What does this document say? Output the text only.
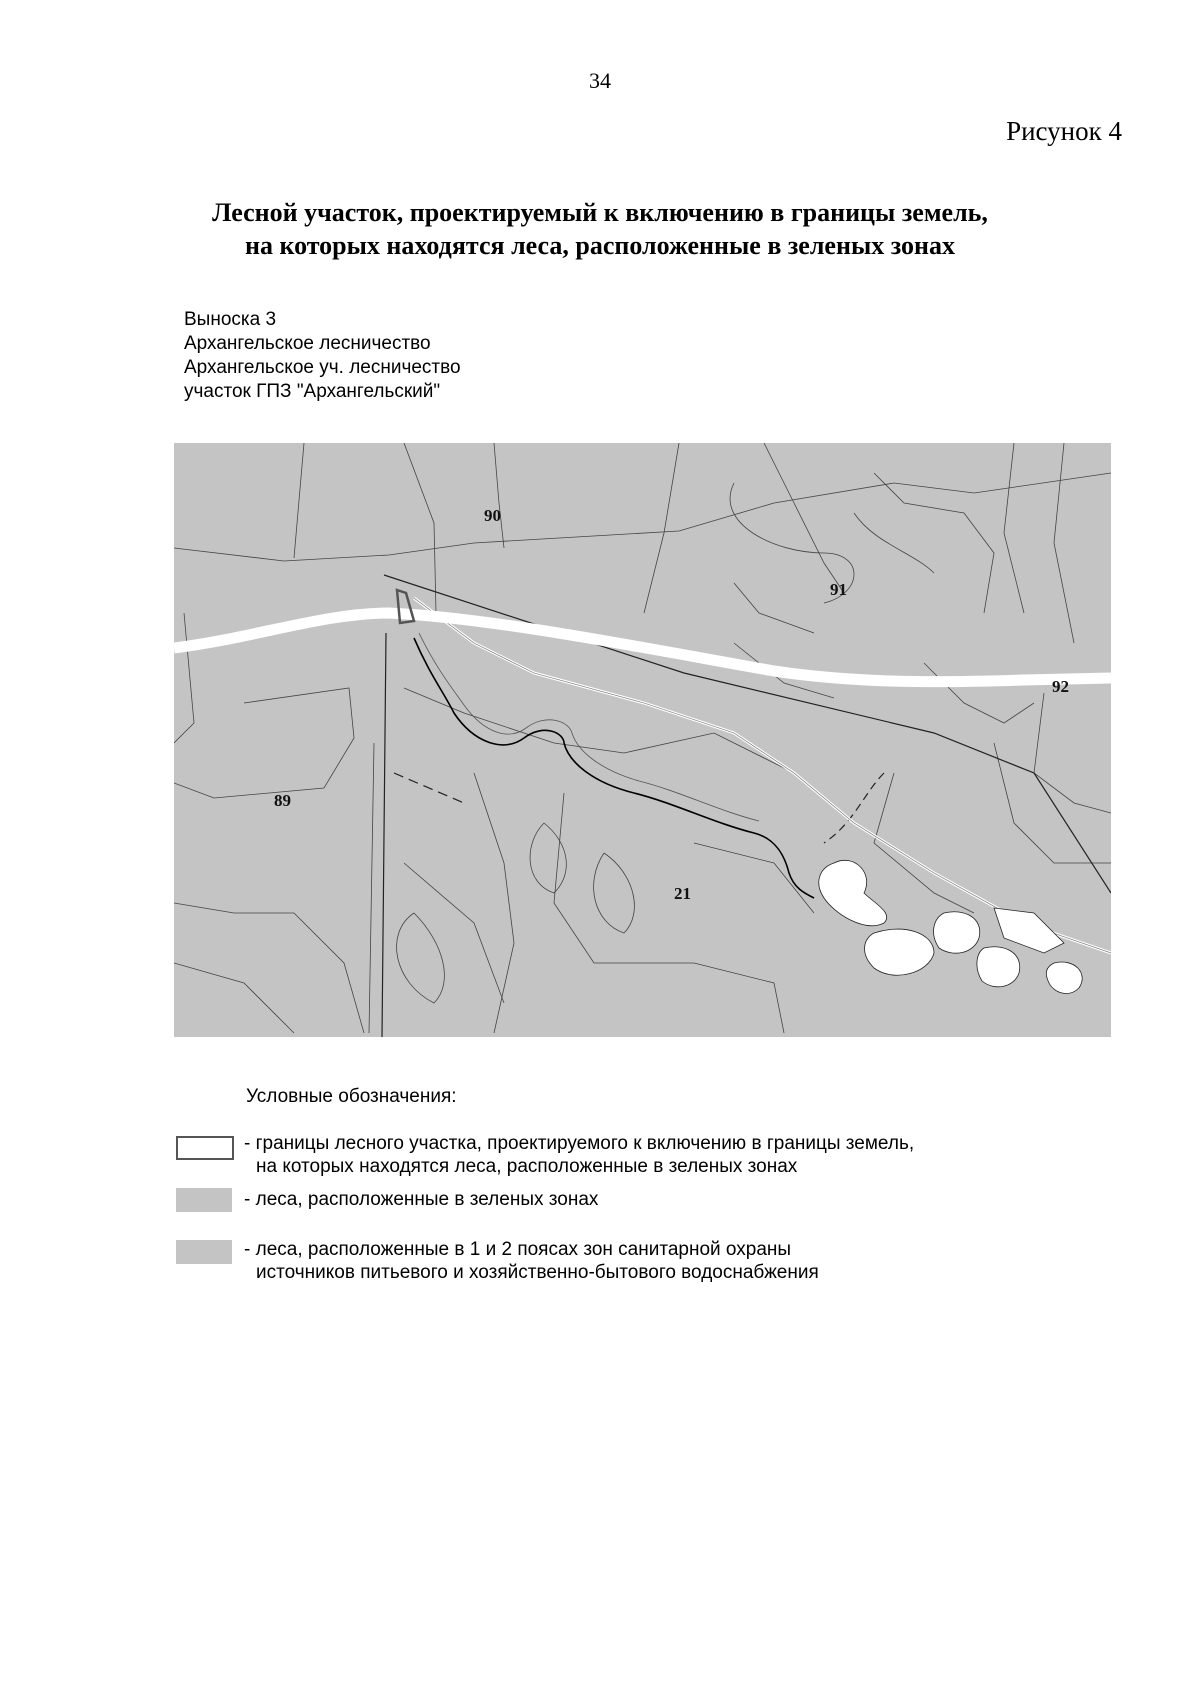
34
Рисунок 4
Лесной участок, проектируемый к включению в границы земель,
на которых находятся леса, расположенные в зеленых зонах
Выноска 3
Архангельское лесничество
Архангельское уч. лесничество
участок ГПЗ "Архангельский"
90
91
92
89
21
Условные обозначения:
- границы лесного участка, проектируемого к включению в границы земель,
на которых находятся леса, расположенные в зеленых зонах
- леса, расположенные в зеленых зонах
- леса, расположенные в 1 и 2 поясах зон санитарной охраны
источников питьевого и хозяйственно-бытового водоснабжения
